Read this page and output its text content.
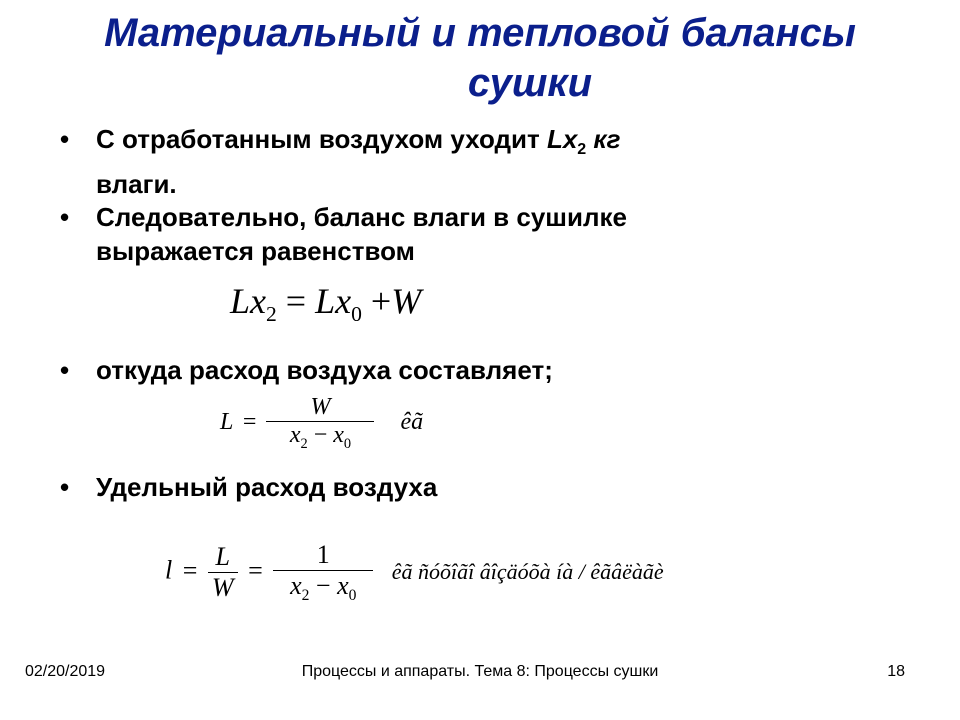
Материальный и тепловой балансы
сушки
• С отработанным воздухом уходит $Lx_2$ кг
влаги.
• Следовательно, баланс влаги в сушилке
выражается равенством
$Lx_2 = Lx_0 +W$
• откуда расход воздуха составляет;
$L = \frac{W}{x_2 - x_0}$ êã
• Удельный расход воздуха
$l = \frac{L}{W} = \frac{1}{x_2 - x_0}$ êã ñóõîãî âîçäóõà íà / êãâëàãè
02/20/2019	Процессы и аппараты. Тема 8: Процессы сушки	18
